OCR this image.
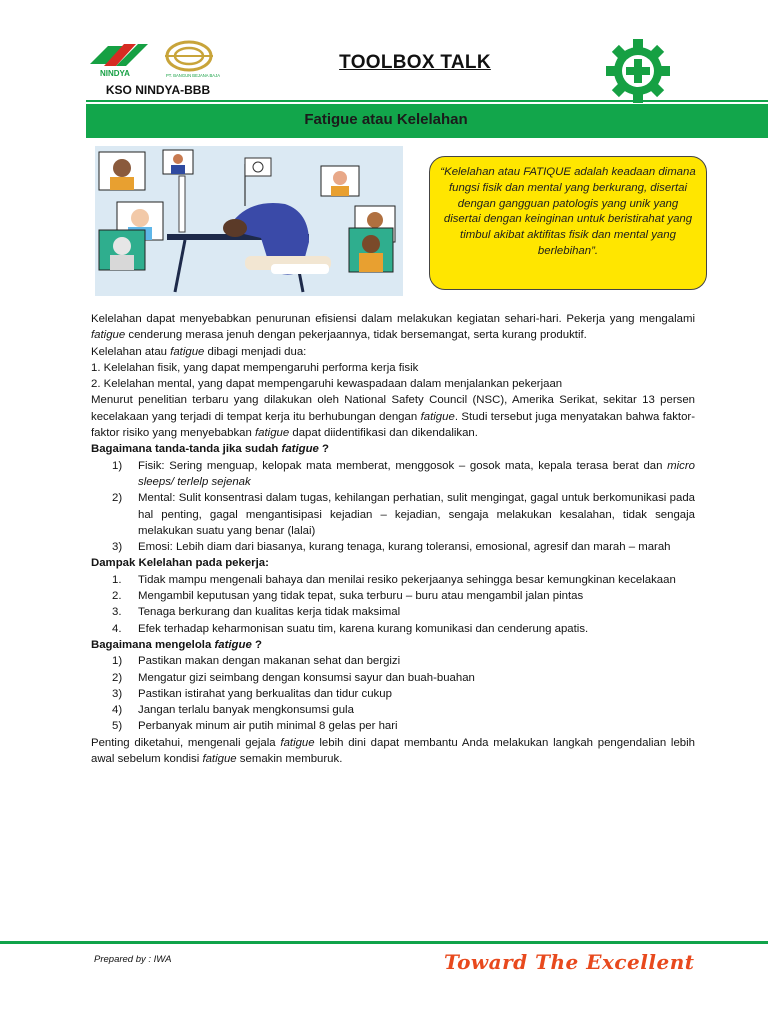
NINDYA	PT. BANGUN BEJANA BAJA
KSO NINDYA-BBB
TOOLBOX TALK
Fatigue atau Kelelahan
“Kelelahan atau FATIQUE adalah keadaan dimana fungsi fisik dan mental yang berkurang, disertai dengan gangguan patologis yang unik yang disertai dengan keinginan untuk beristirahat yang timbul akibat aktifitas fisik dan mental yang berlebihan”.

Kelelahan dapat menyebabkan penurunan efisiensi dalam melakukan kegiatan sehari-hari. Pekerja yang mengalami fatigue cenderung merasa jenuh dengan pekerjaannya, tidak bersemangat, serta kurang produktif.

Kelelahan atau fatigue dibagi menjadi dua:

1. Kelelahan fisik, yang dapat mempengaruhi performa kerja fisik

2. Kelelahan mental, yang dapat mempengaruhi kewaspadaan dalam menjalankan pekerjaan

Menurut penelitian terbaru yang dilakukan oleh National Safety Council (NSC), Amerika Serikat, sekitar 13 persen kecelakaan yang terjadi di tempat kerja itu berhubungan dengan fatigue. Studi tersebut juga menyatakan bahwa faktor-faktor risiko yang menyebabkan fatigue dapat diidentifikasi dan dikendalikan.

Bagaimana tanda-tanda jika sudah fatigue ?

1) Fisik: Sering menguap, kelopak mata memberat, menggosok – gosok mata, kepala terasa berat dan micro sleeps/ terlelp sejenak
2) Mental: Sulit konsentrasi dalam tugas, kehilangan perhatian, sulit mengingat, gagal untuk berkomunikasi pada hal penting, gagal mengantisipasi kejadian – kejadian, sengaja melakukan kesalahan, tidak sengaja melakukan suatu yang benar (lalai)
3) Emosi: Lebih diam dari biasanya, kurang tenaga, kurang toleransi, emosional, agresif dan marah – marah

Dampak Kelelahan pada pekerja:

1. Tidak mampu mengenali bahaya dan menilai resiko pekerjaanya sehingga besar kemungkinan kecelakaan
2. Mengambil keputusan yang tidak tepat, suka terburu – buru atau mengambil jalan pintas
3. Tenaga berkurang dan kualitas kerja tidak maksimal
4. Efek terhadap keharmonisan suatu tim, karena kurang komunikasi dan cenderung apatis.

Bagaimana mengelola fatigue ?

1) Pastikan makan dengan makanan sehat dan bergizi
2) Mengatur gizi seimbang dengan konsumsi sayur dan buah-buahan
3) Pastikan istirahat yang berkualitas dan tidur cukup
4) Jangan terlalu banyak mengkonsumsi gula
5) Perbanyak minum air putih minimal 8 gelas per hari

Penting diketahui, mengenali gejala fatigue lebih dini dapat membantu Anda melakukan langkah pengendalian lebih awal sebelum kondisi fatigue semakin memburuk.

Prepared by : IWA	Toward The Excellent
